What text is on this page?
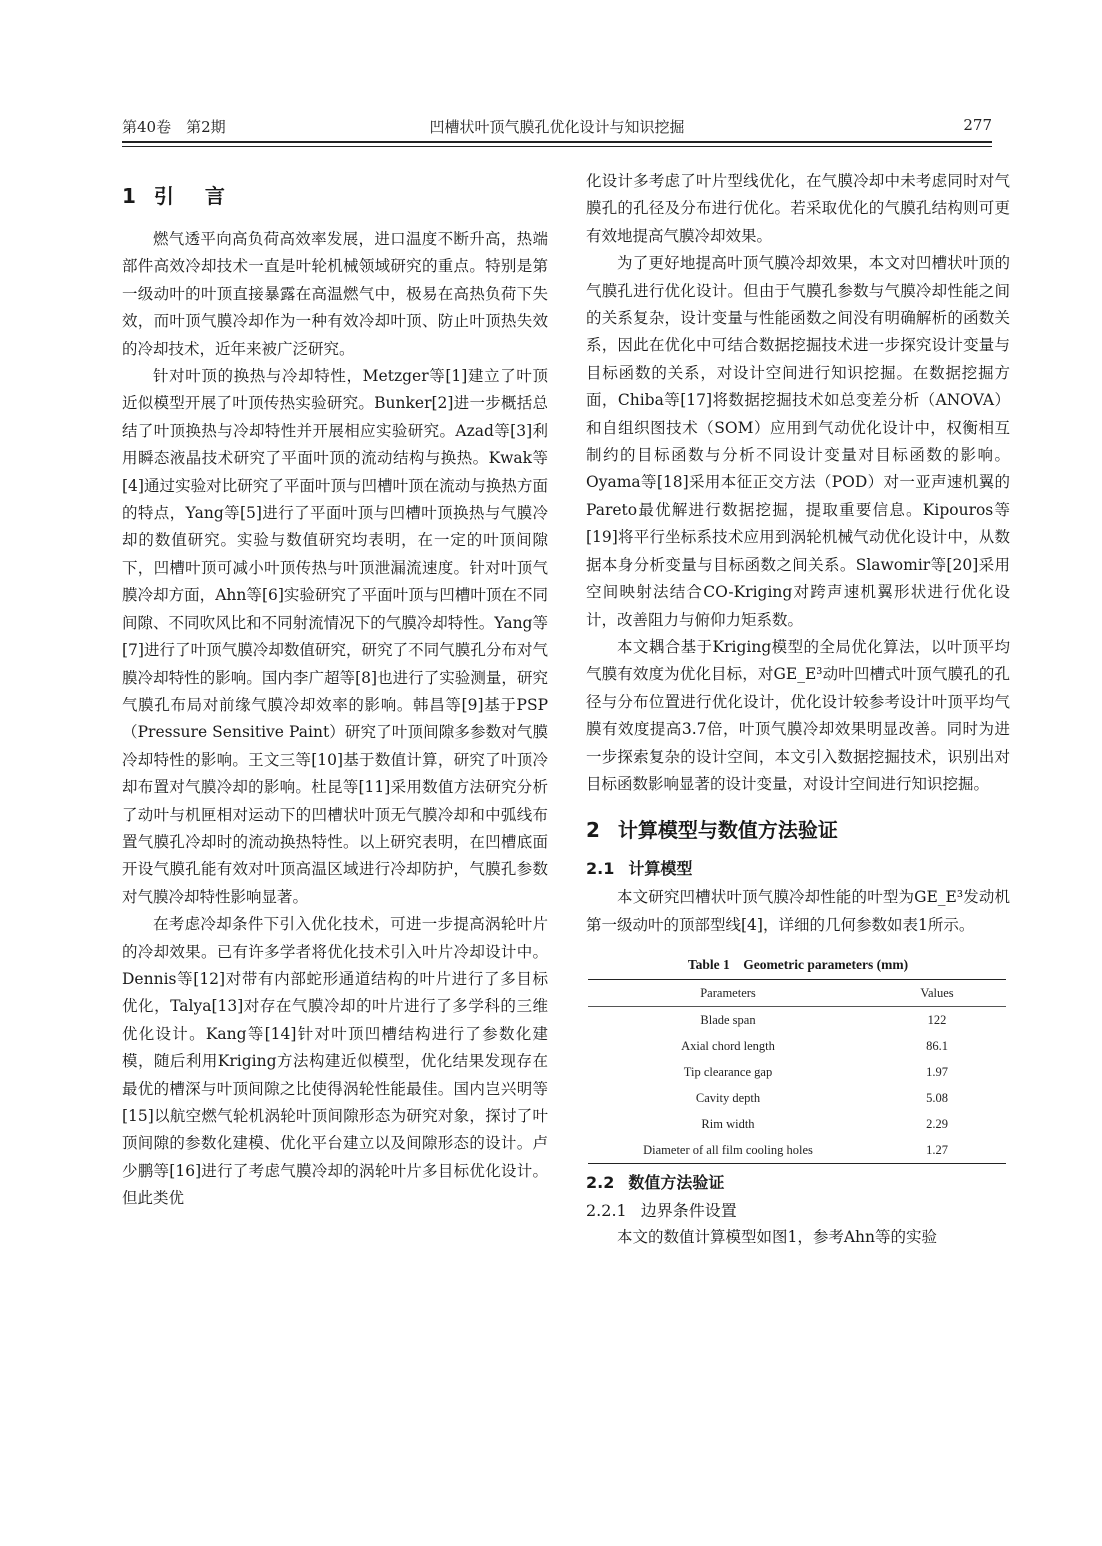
第40卷　第2期	凹槽状叶顶气膜孔优化设计与知识挖掘	277
1 引 言

燃气透平向高负荷高效率发展，进口温度不断升高，热端部件高效冷却技术一直是叶轮机械领域研究的重点。特别是第一级动叶的叶顶直接暴露在高温燃气中，极易在高热负荷下失效，而叶顶气膜冷却作为一种有效冷却叶顶、防止叶顶热失效的冷却技术，近年来被广泛研究。

针对叶顶的换热与冷却特性，Metzger等[1]建立了叶顶近似模型开展了叶顶传热实验研究。Bunker[2]进一步概括总结了叶顶换热与冷却特性并开展相应实验研究。Azad等[3]利用瞬态液晶技术研究了平面叶顶的流动结构与换热。Kwak等[4]通过实验对比研究了平面叶顶与凹槽叶顶在流动与换热方面的特点，Yang等[5]进行了平面叶顶与凹槽叶顶换热与气膜冷却的数值研究。实验与数值研究均表明，在一定的叶顶间隙下，凹槽叶顶可减小叶顶传热与叶顶泄漏流速度。针对叶顶气膜冷却方面，Ahn等[6]实验研究了平面叶顶与凹槽叶顶在不同间隙、不同吹风比和不同射流情况下的气膜冷却特性。Yang等[7]进行了叶顶气膜冷却数值研究，研究了不同气膜孔分布对气膜冷却特性的影响。国内李广超等[8]也进行了实验测量，研究气膜孔布局对前缘气膜冷却效率的影响。韩昌等[9]基于PSP（Pressure Sensitive Paint）研究了叶顶间隙多参数对气膜冷却特性的影响。王文三等[10]基于数值计算，研究了叶顶冷却布置对气膜冷却的影响。杜昆等[11]采用数值方法研究分析了动叶与机匣相对运动下的凹槽状叶顶无气膜冷却和中弧线布置气膜孔冷却时的流动换热特性。以上研究表明，在凹槽底面开设气膜孔能有效对叶顶高温区域进行冷却防护，气膜孔参数对气膜冷却特性影响显著。

在考虑冷却条件下引入优化技术，可进一步提高涡轮叶片的冷却效果。已有许多学者将优化技术引入叶片冷却设计中。Dennis等[12]对带有内部蛇形通道结构的叶片进行了多目标优化，Talya[13]对存在气膜冷却的叶片进行了多学科的三维优化设计。Kang等[14]针对叶顶凹槽结构进行了参数化建模，随后利用Kriging方法构建近似模型，优化结果发现存在最优的槽深与叶顶间隙之比使得涡轮性能最佳。国内岂兴明等[15]以航空燃气轮机涡轮叶顶间隙形态为研究对象，探讨了叶顶间隙的参数化建模、优化平台建立以及间隙形态的设计。卢少鹏等[16]进行了考虑气膜冷却的涡轮叶片多目标优化设计。但此类优

化设计多考虑了叶片型线优化，在气膜冷却中未考虑同时对气膜孔的孔径及分布进行优化。若采取优化的气膜孔结构则可更有效地提高气膜冷却效果。

为了更好地提高叶顶气膜冷却效果，本文对凹槽状叶顶的气膜孔进行优化设计。但由于气膜孔参数与气膜冷却性能之间的关系复杂，设计变量与性能函数之间没有明确解析的函数关系，因此在优化中可结合数据挖掘技术进一步探究设计变量与目标函数的关系，对设计空间进行知识挖掘。在数据挖掘方面，Chiba等[17]将数据挖掘技术如总变差分析（ANOVA）和自组织图技术（SOM）应用到气动优化设计中，权衡相互制约的目标函数与分析不同设计变量对目标函数的影响。Oyama等[18]采用本征正交方法（POD）对一亚声速机翼的Pareto最优解进行数据挖掘，提取重要信息。Kipouros等[19]将平行坐标系技术应用到涡轮机械气动优化设计中，从数据本身分析变量与目标函数之间关系。Slawomir等[20]采用空间映射法结合CO-Kriging对跨声速机翼形状进行优化设计，改善阻力与俯仰力矩系数。

本文耦合基于Kriging模型的全局优化算法，以叶顶平均气膜有效度为优化目标，对GE_E³动叶凹槽式叶顶气膜孔的孔径与分布位置进行优化设计，优化设计较参考设计叶顶平均气膜有效度提高3.7倍，叶顶气膜冷却效果明显改善。同时为进一步探索复杂的设计空间，本文引入数据挖掘技术，识别出对目标函数影响显著的设计变量，对设计空间进行知识挖掘。

2 计算模型与数值方法验证
2.1 计算模型

本文研究凹槽状叶顶气膜冷却性能的叶型为GE_E³发动机第一级动叶的顶部型线[4]，详细的几何参数如表1所示。

Table 1 Geometric parameters (mm)
Parameters	Values
Blade span	122
Axial chord length	86.1
Tip clearance gap	1.97
Cavity depth	5.08
Rim width	2.29
Diameter of all film cooling holes	1.27
2.2 数值方法验证
2.2.1 边界条件设置

本文的数值计算模型如图1，参考Ahn等的实验
